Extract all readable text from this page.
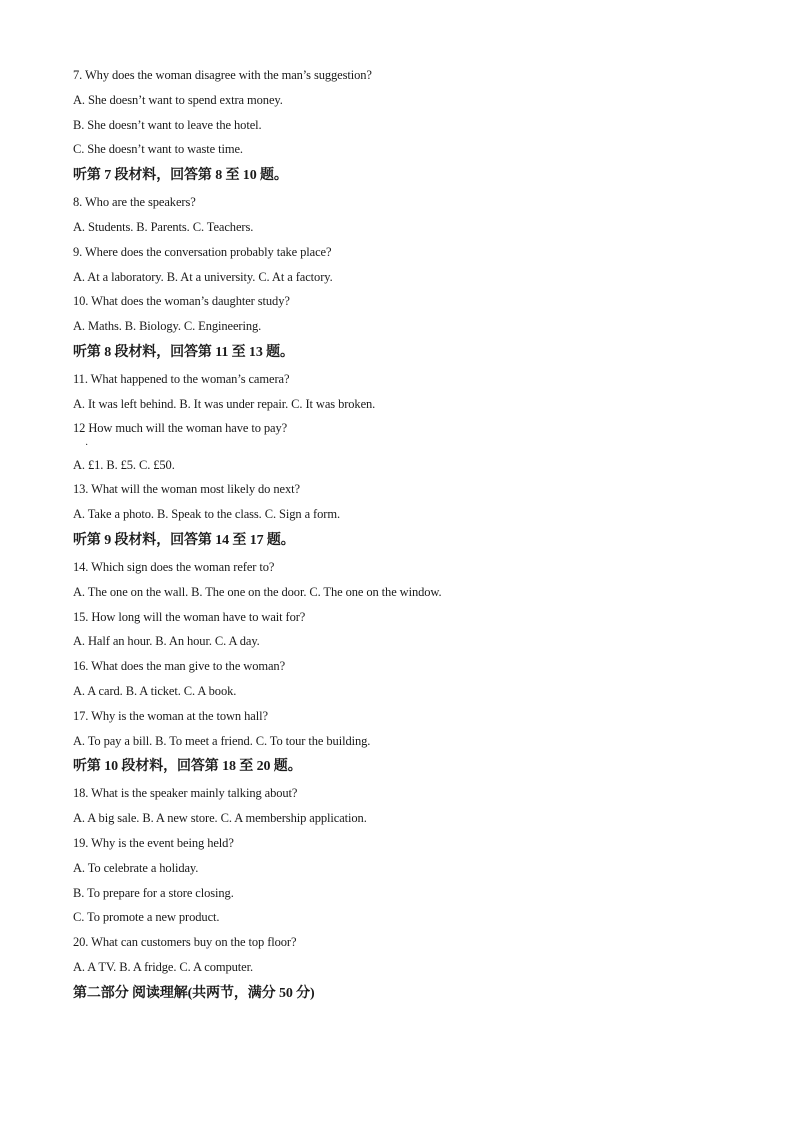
7. Why does the woman disagree with the man’s suggestion?
A. She doesn’t want to spend extra money.
B. She doesn’t want to leave the hotel.
C. She doesn’t want to waste time.
听第 7 段材料，回答第 8 至 10 题。
8. Who are the speakers?
A. Students. B. Parents. C. Teachers.
9. Where does the conversation probably take place?
A. At a laboratory. B. At a university. C. At a factory.
10. What does the woman’s daughter study?
A. Maths. B. Biology. C. Engineering.
听第 8 段材料，回答第 11 至 13 题。
11. What happened to the woman’s camera?
A. It was left behind. B. It was under repair. C. It was broken.
12 How much will the woman have to pay?
·
A. £1. B. £5. C. £50.
13. What will the woman most likely do next?
A. Take a photo. B. Speak to the class. C. Sign a form.
听第 9 段材料，回答第 14 至 17 题。
14. Which sign does the woman refer to?
A. The one on the wall. B. The one on the door. C. The one on the window.
15. How long will the woman have to wait for?
A. Half an hour. B. An hour. C. A day.
16. What does the man give to the woman?
A. A card. B. A ticket. C. A book.
17. Why is the woman at the town hall?
A. To pay a bill. B. To meet a friend. C. To tour the building.
听第 10 段材料，回答第 18 至 20 题。
18. What is the speaker mainly talking about?
A. A big sale. B. A new store. C. A membership application.
19. Why is the event being held?
A. To celebrate a holiday.
B. To prepare for a store closing.
C. To promote a new product.
20. What can customers buy on the top floor?
A. A TV. B. A fridge. C. A computer.
第二部分 阅读理解(共两节，满分 50 分)
